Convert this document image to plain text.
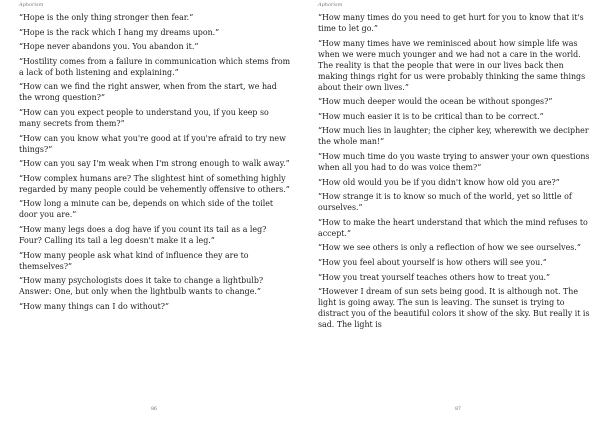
Aphorism
“Hope is the only thing stronger then fear.”
“Hope is the rack which I hang my dreams upon.”
“Hope never abandons you. You abandon it.”
“Hostility comes from a failure in communication which stems from a lack of both listening and explaining.”
“How can we find the right answer, when from the start, we had the wrong question?”
“How can you expect people to understand you, if you keep so many secrets from them?”
“How can you know what you're good at if you're afraid to try new things?”
“How can you say I'm weak when I'm strong enough to walk away.”
“How complex humans are? The slightest hint of something highly regarded by many people could be vehemently offensive to others.”
“How long a minute can be, depends on which side of the toilet door you are.”
“How many legs does a dog have if you count its tail as a leg? Four? Calling its tail a leg doesn't make it a leg.”
“How many people ask what kind of influence they are to themselves?”
“How many psychologists does it take to change a lightbulb? Answer: One, but only when the lightbulb wants to change.”
“How many things can I do without?”
86
Aphorism
“How many times do you need to get hurt for you to know that it's time to let go.”
“How many times have we reminisced about how simple life was when we were much younger and we had not a care in the world. The reality is that the people that were in our lives back then making things right for us were probably thinking the same things about their own lives.”
“How much deeper would the ocean be without sponges?”
“How much easier it is to be critical than to be correct.”
“How much lies in laughter; the cipher key, wherewith we decipher the whole man!”
“How much time do you waste trying to answer your own questions when all you had to do was voice them?”
“How old would you be if you didn't know how old you are?”
“How strange it is to know so much of the world, yet so little of ourselves.”
“How to make the heart understand that which the mind refuses to accept.”
“How we see others is only a reflection of how we see ourselves.”
“How you feel about yourself is how others will see you.”
“How you treat yourself teaches others how to treat you.”
“However I dream of sun sets being good. It is although not. The light is going away. The sun is leaving. The sunset is trying to distract you of the beautiful colors it show of the sky. But really it is sad. The light is
87
